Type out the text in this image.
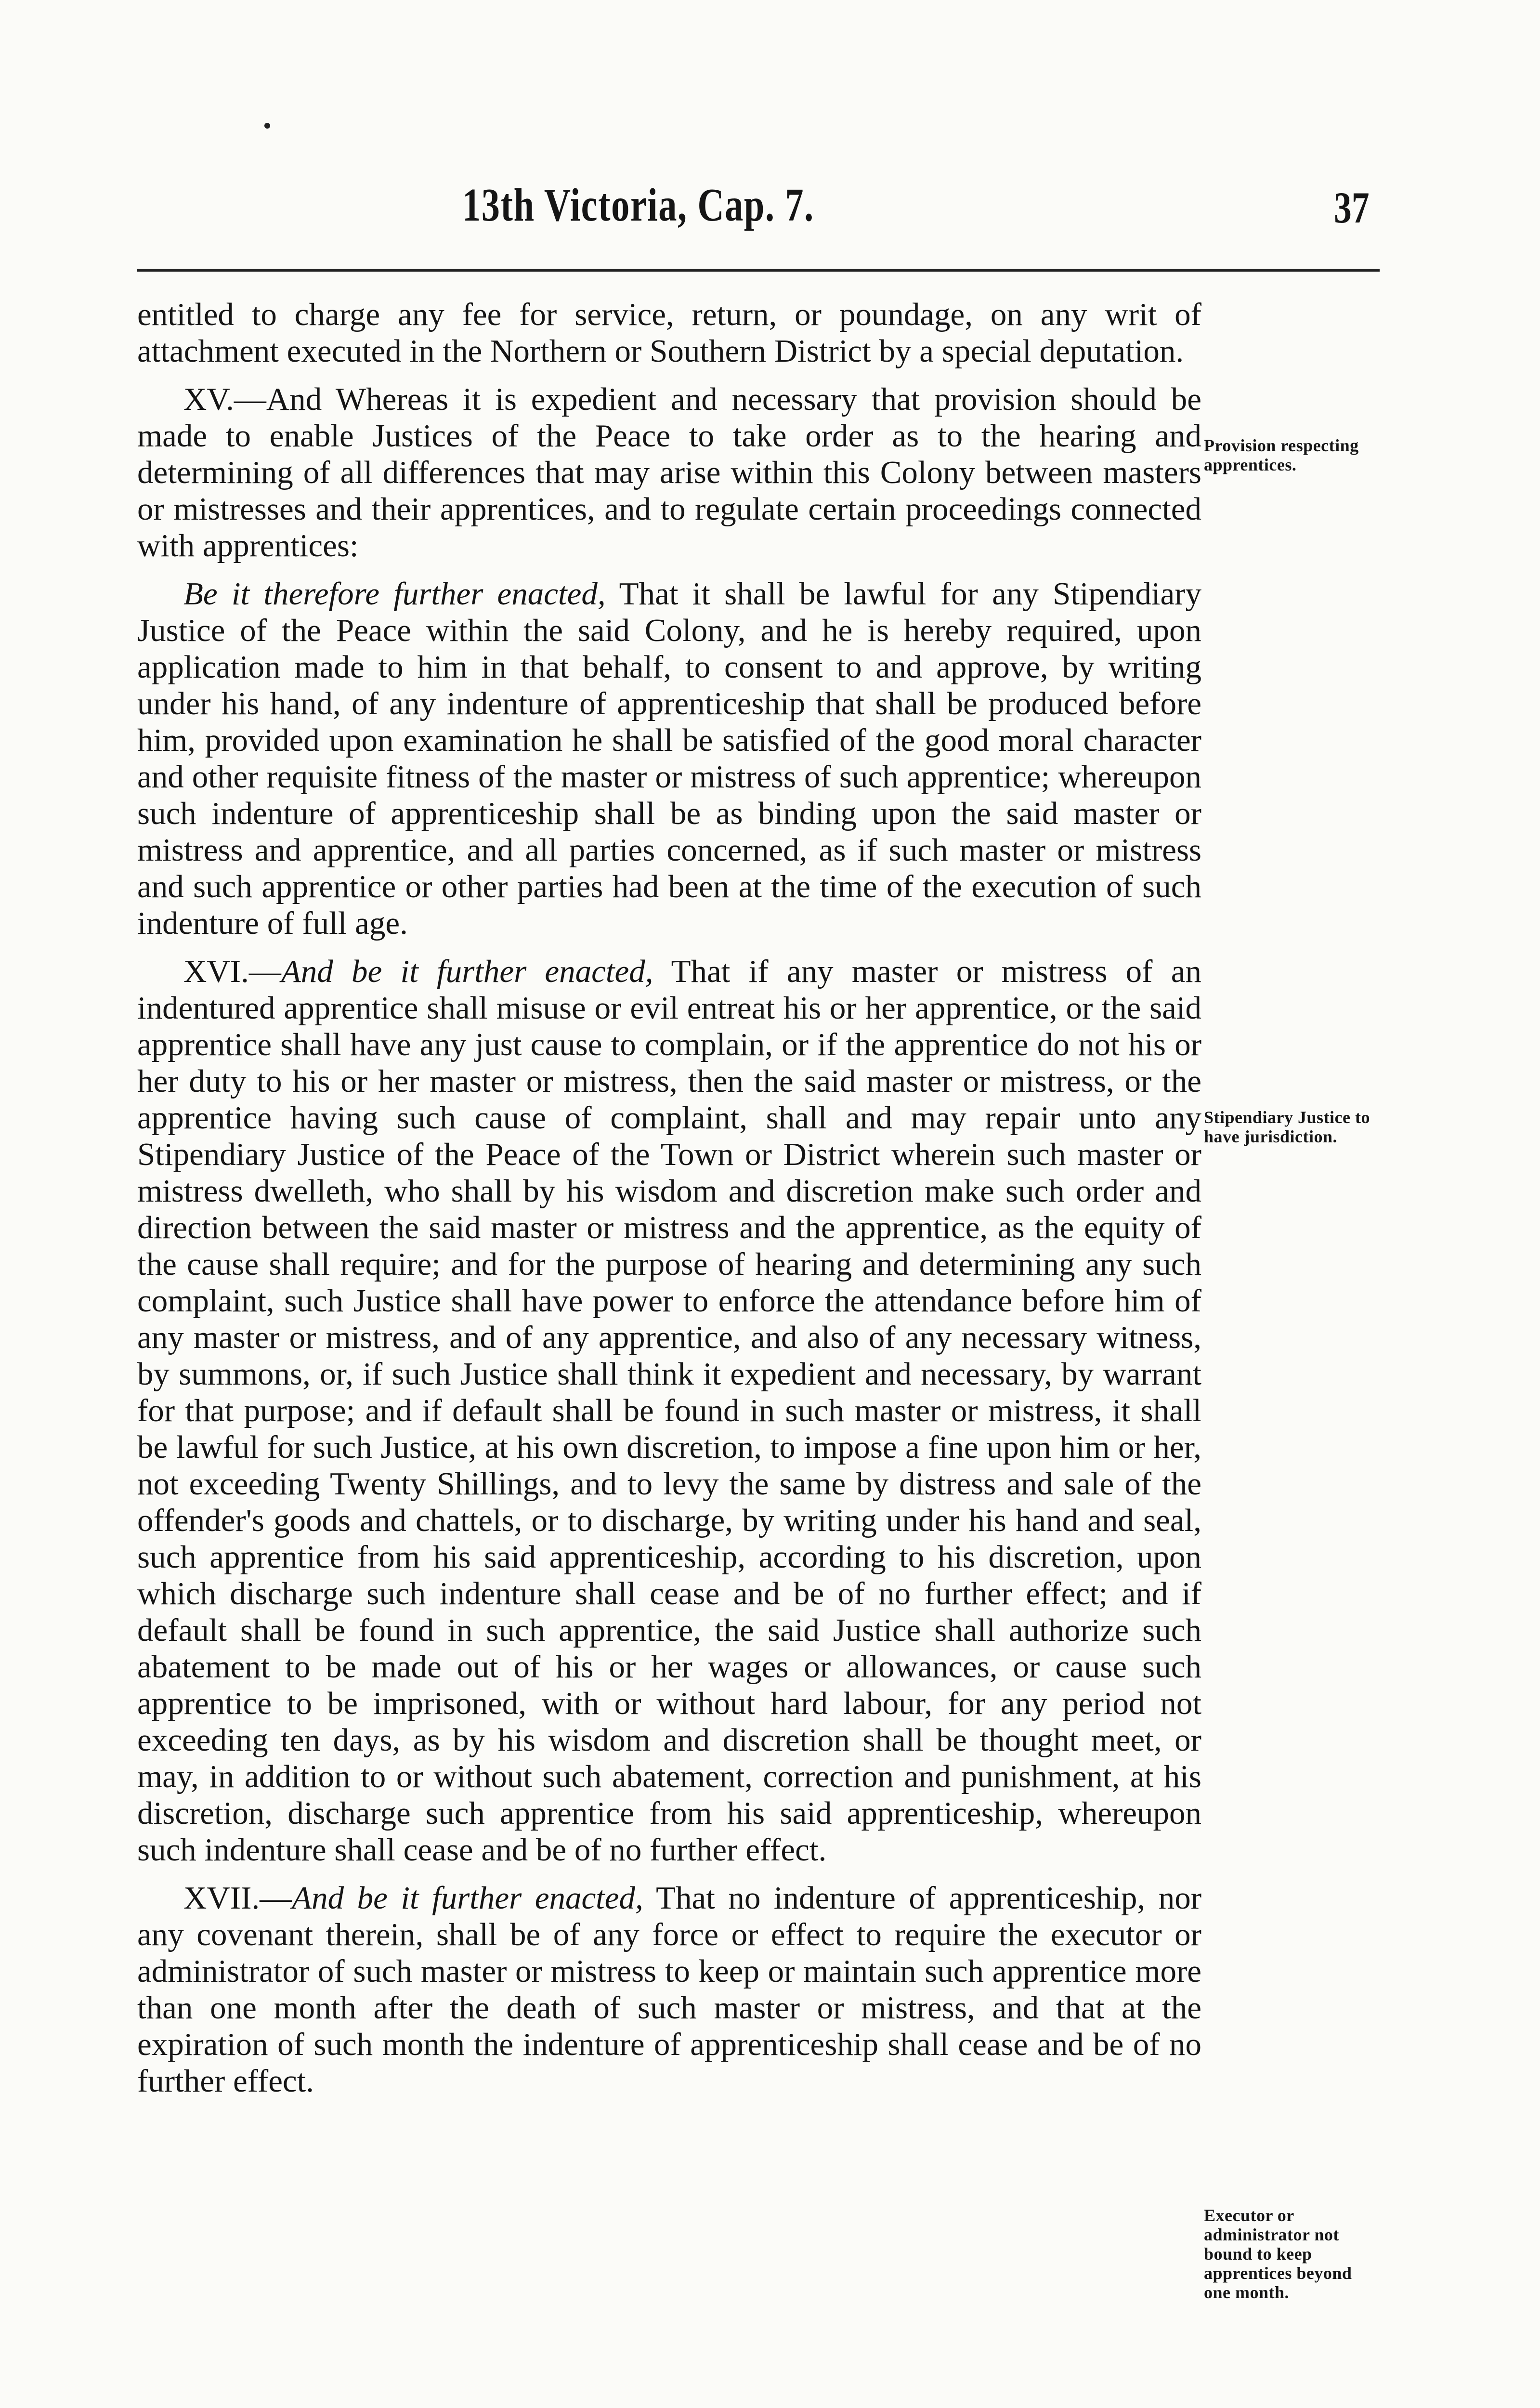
13th Victoria, Cap. 7.	37

entitled to charge any fee for service, return, or poundage, on any writ of attachment executed in the Northern or Southern District by a special deputation.

XV.—And Whereas it is expedient and necessary that provision should be made to enable Justices of the Peace to take order as to the hearing and determining of all differences that may arise within this Colony between masters or mistresses and their apprentices, and to regulate certain proceedings connected with apprentices:

Be it therefore further enacted, That it shall be lawful for any Stipendiary Justice of the Peace within the said Colony, and he is hereby required, upon application made to him in that behalf, to consent to and approve, by writing under his hand, of any indenture of apprenticeship that shall be produced before him, provided upon examination he shall be satisfied of the good moral character and other requisite fitness of the master or mistress of such apprentice; whereupon such indenture of apprenticeship shall be as binding upon the said master or mistress and apprentice, and all parties concerned, as if such master or mistress and such apprentice or other parties had been at the time of the execution of such indenture of full age.

XVI.—And be it further enacted, That if any master or mistress of an indentured apprentice shall misuse or evil entreat his or her apprentice, or the said apprentice shall have any just cause to complain, or if the apprentice do not his or her duty to his or her master or mistress, then the said master or mistress, or the apprentice having such cause of complaint, shall and may repair unto any Stipendiary Justice of the Peace of the Town or District wherein such master or mistress dwelleth, who shall by his wisdom and discretion make such order and direction between the said master or mistress and the apprentice, as the equity of the cause shall require; and for the purpose of hearing and determining any such complaint, such Justice shall have power to enforce the attendance before him of any master or mistress, and of any apprentice, and also of any necessary witness, by summons, or, if such Justice shall think it expedient and necessary, by warrant for that purpose; and if default shall be found in such master or mistress, it shall be lawful for such Justice, at his own discretion, to impose a fine upon him or her, not exceeding Twenty Shillings, and to levy the same by distress and sale of the offender's goods and chattels, or to discharge, by writing under his hand and seal, such apprentice from his said apprenticeship, according to his discretion, upon which discharge such indenture shall cease and be of no further effect; and if default shall be found in such apprentice, the said Justice shall authorize such abatement to be made out of his or her wages or allowances, or cause such apprentice to be imprisoned, with or without hard labour, for any period not exceeding ten days, as by his wisdom and discretion shall be thought meet, or may, in addition to or without such abatement, correction and punishment, at his discretion, discharge such apprentice from his said apprenticeship, whereupon such indenture shall cease and be of no further effect.

XVII.—And be it further enacted, That no indenture of apprenticeship, nor any covenant therein, shall be of any force or effect to require the executor or administrator of such master or mistress to keep or maintain such apprentice more than one month after the death of such master or mistress, and that at the expiration of such month the indenture of apprenticeship shall cease and be of no further effect.

Provision respecting apprentices.
Stipendiary Justice to have jurisdiction.
Executor or administrator not bound to keep apprentices beyond one month.
